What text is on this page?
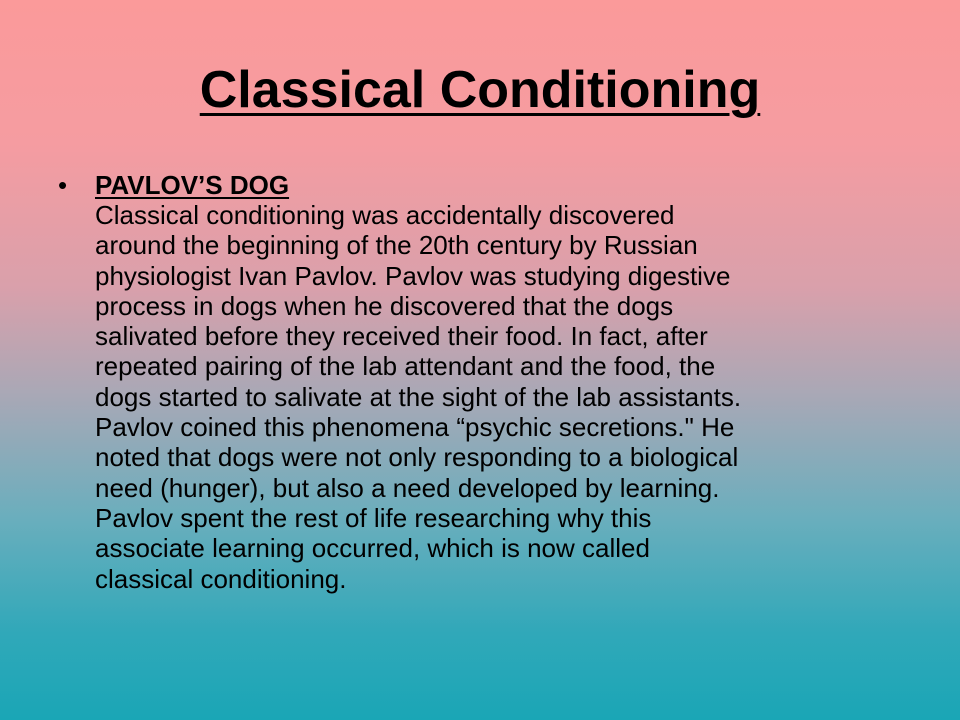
Classical Conditioning
• PAVLOV’S DOG
Classical conditioning was accidentally discovered
around the beginning of the 20th century by Russian
physiologist Ivan Pavlov. Pavlov was studying digestive
process in dogs when he discovered that the dogs
salivated before they received their food. In fact, after
repeated pairing of the lab attendant and the food, the
dogs started to salivate at the sight of the lab assistants.
Pavlov coined this phenomena “psychic secretions." He
noted that dogs were not only responding to a biological
need (hunger), but also a need developed by learning.
Pavlov spent the rest of life researching why this
associate learning occurred, which is now called
classical conditioning.
